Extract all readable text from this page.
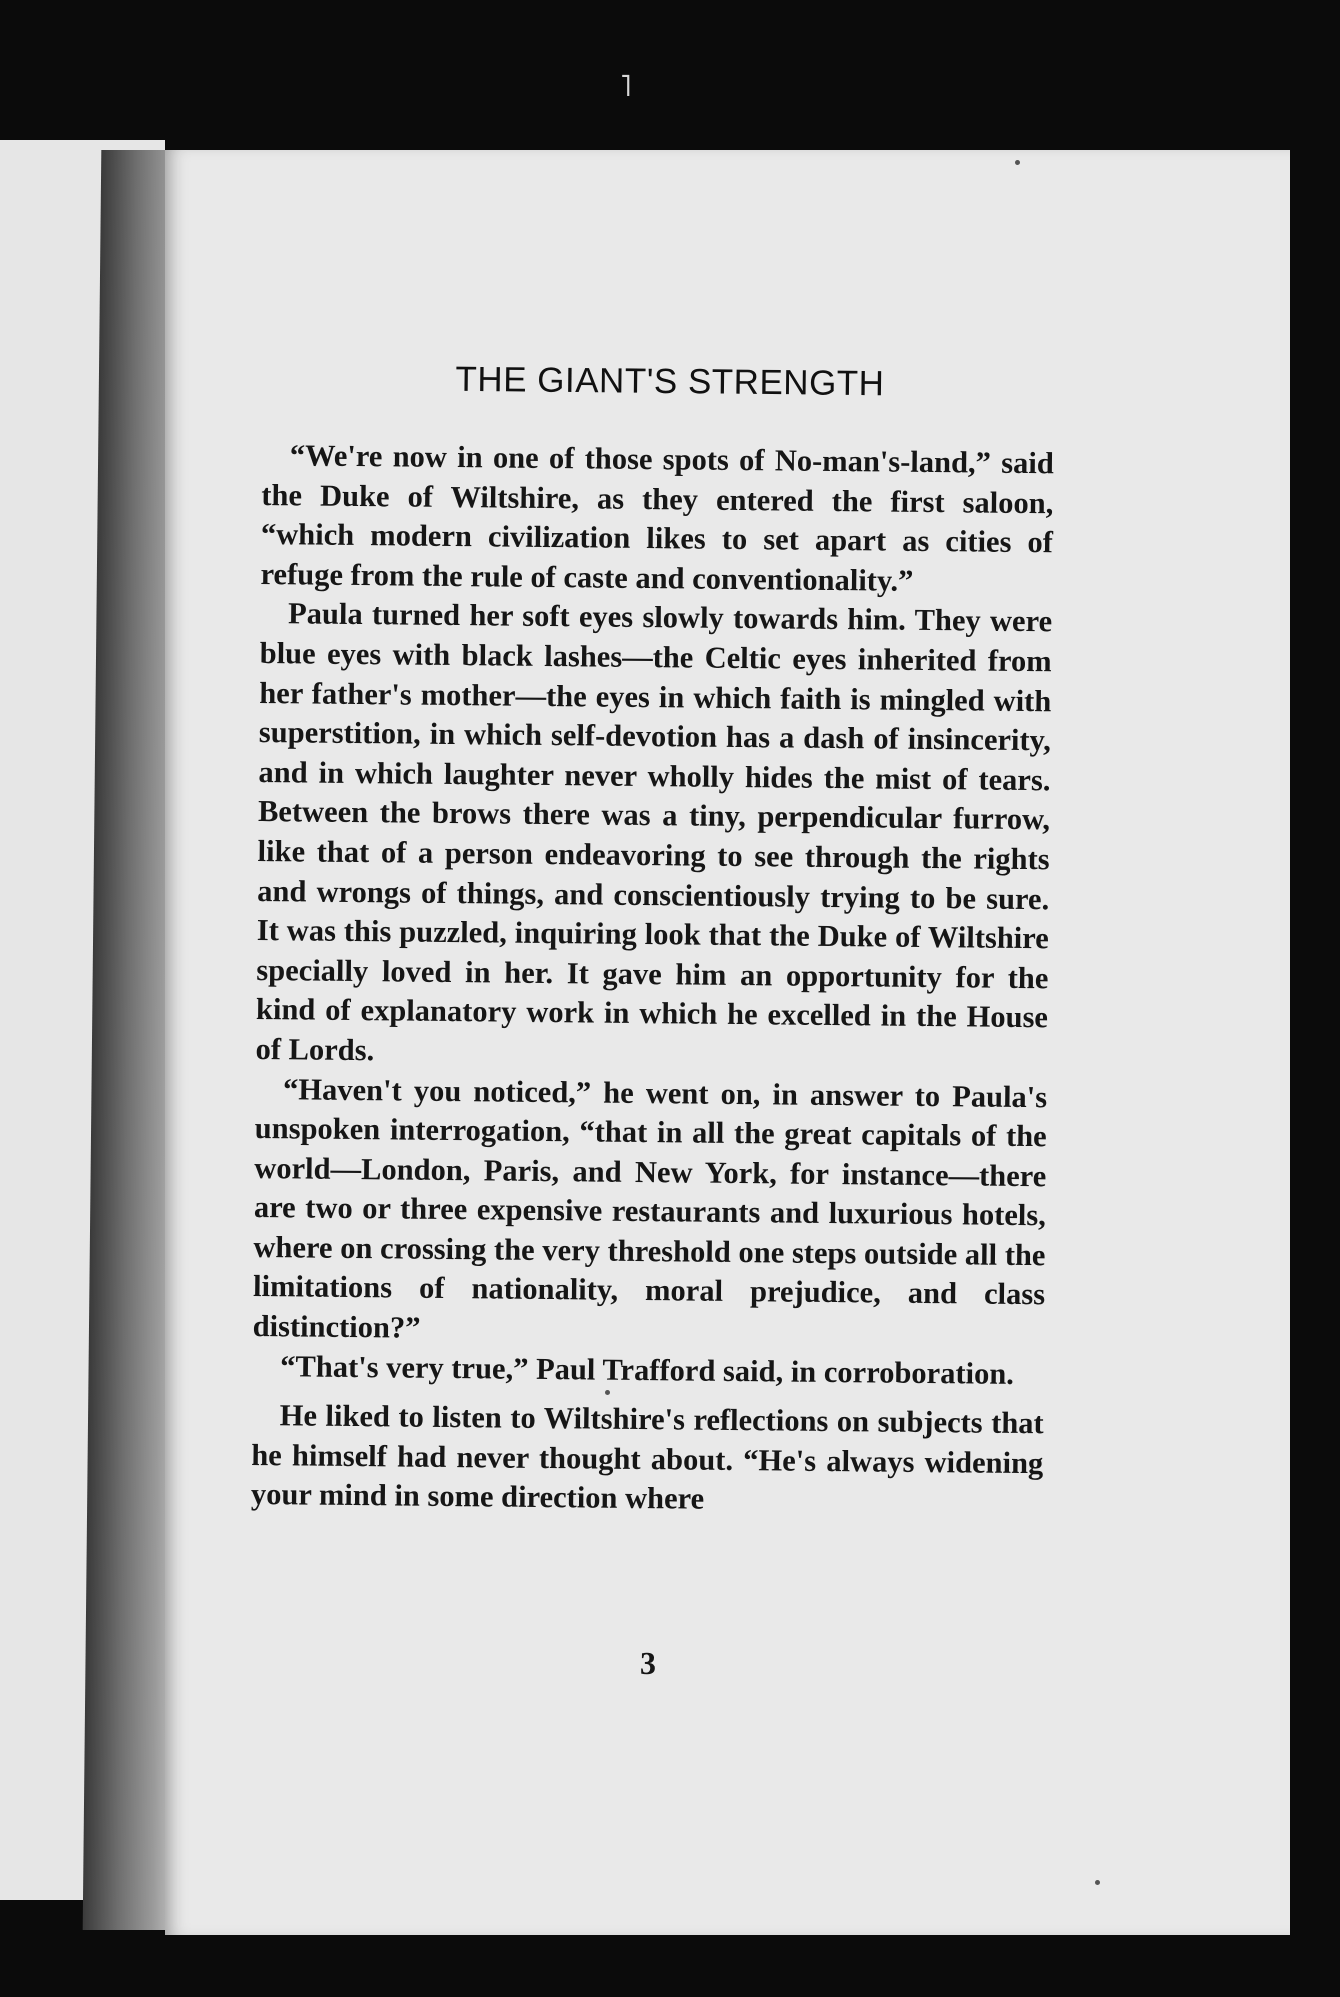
˥
THE GIANT'S STRENGTH

“We're now in one of those spots of No-man's-land,” said the Duke of Wiltshire, as they entered the first saloon, “which modern civilization likes to set apart as cities of refuge from the rule of caste and conventionality.”

Paula turned her soft eyes slowly towards him. They were blue eyes with black lashes—the Celtic eyes inherited from her father's mother—the eyes in which faith is mingled with superstition, in which self-devotion has a dash of insincerity, and in which laughter never wholly hides the mist of tears. Between the brows there was a tiny, perpendicular furrow, like that of a person endeavoring to see through the rights and wrongs of things, and conscientiously trying to be sure. It was this puzzled, inquiring look that the Duke of Wiltshire specially loved in her. It gave him an opportunity for the kind of explanatory work in which he excelled in the House of Lords.

“Haven't you noticed,” he went on, in answer to Paula's unspoken interrogation, “that in all the great capitals of the world—London, Paris, and New York, for instance—there are two or three expensive restaurants and luxurious hotels, where on crossing the very threshold one steps outside all the limitations of nationality, moral prejudice, and class distinction?”

“That's very true,” Paul Trafford said, in corroboration.

He liked to listen to Wiltshire's reflections on subjects that he himself had never thought about. “He's always widening your mind in some direction where

3
